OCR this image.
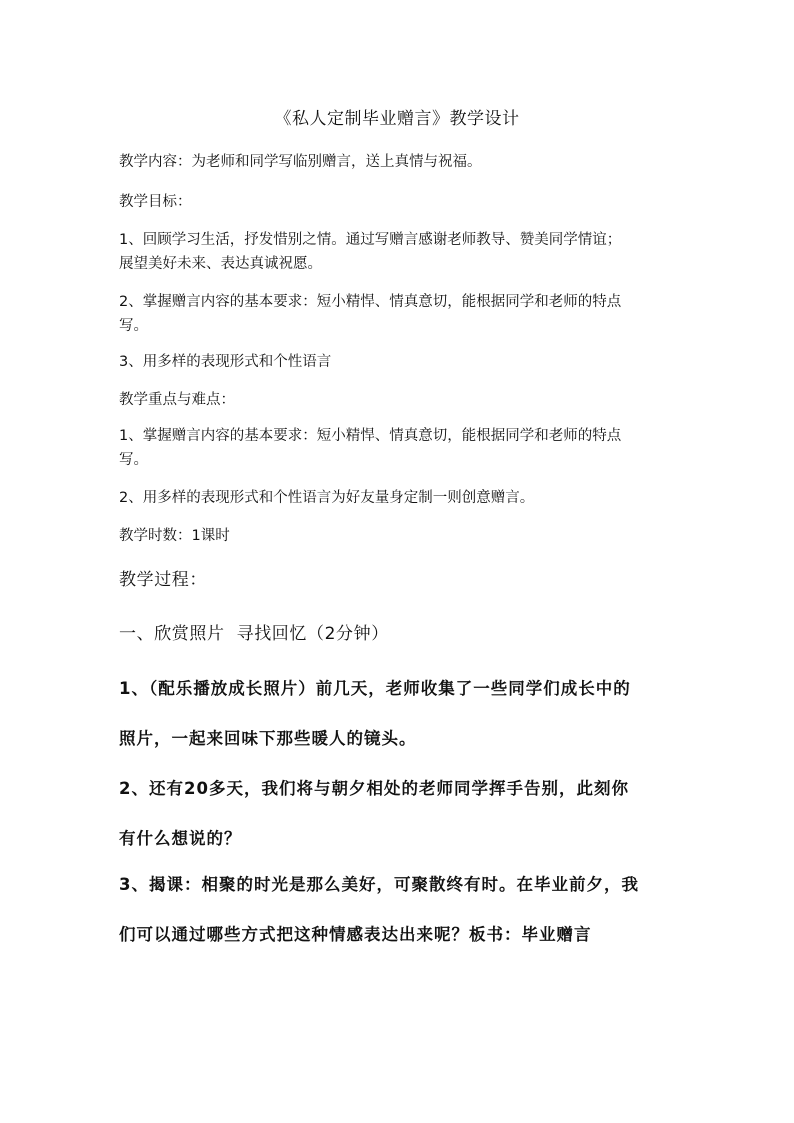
《私人定制毕业赠言》教学设计

教学内容：为老师和同学写临别赠言，送上真情与祝福。

教学目标：

1、回顾学习生活，抒发惜别之情。通过写赠言感谢老师教导、赞美同学情谊；
展望美好未来、表达真诚祝愿。

2、掌握赠言内容的基本要求：短小精悍、情真意切，能根据同学和老师的特点
写。

3、用多样的表现形式和个性语言

教学重点与难点：

1、掌握赠言内容的基本要求：短小精悍、情真意切，能根据同学和老师的特点
写。

2、用多样的表现形式和个性语言为好友量身定制一则创意赠言。

教学时数：1课时

教学过程：

一、欣赏照片  寻找回忆（2分钟）

1、（配乐播放成长照片）前几天，老师收集了一些同学们成长中的
照片，一起来回味下那些暖人的镜头。

2、还有20多天，我们将与朝夕相处的老师同学挥手告别，此刻你
有什么想说的？

3、揭课：相聚的时光是那么美好，可聚散终有时。在毕业前夕，我
们可以通过哪些方式把这种情感表达出来呢？板书：毕业赠言
